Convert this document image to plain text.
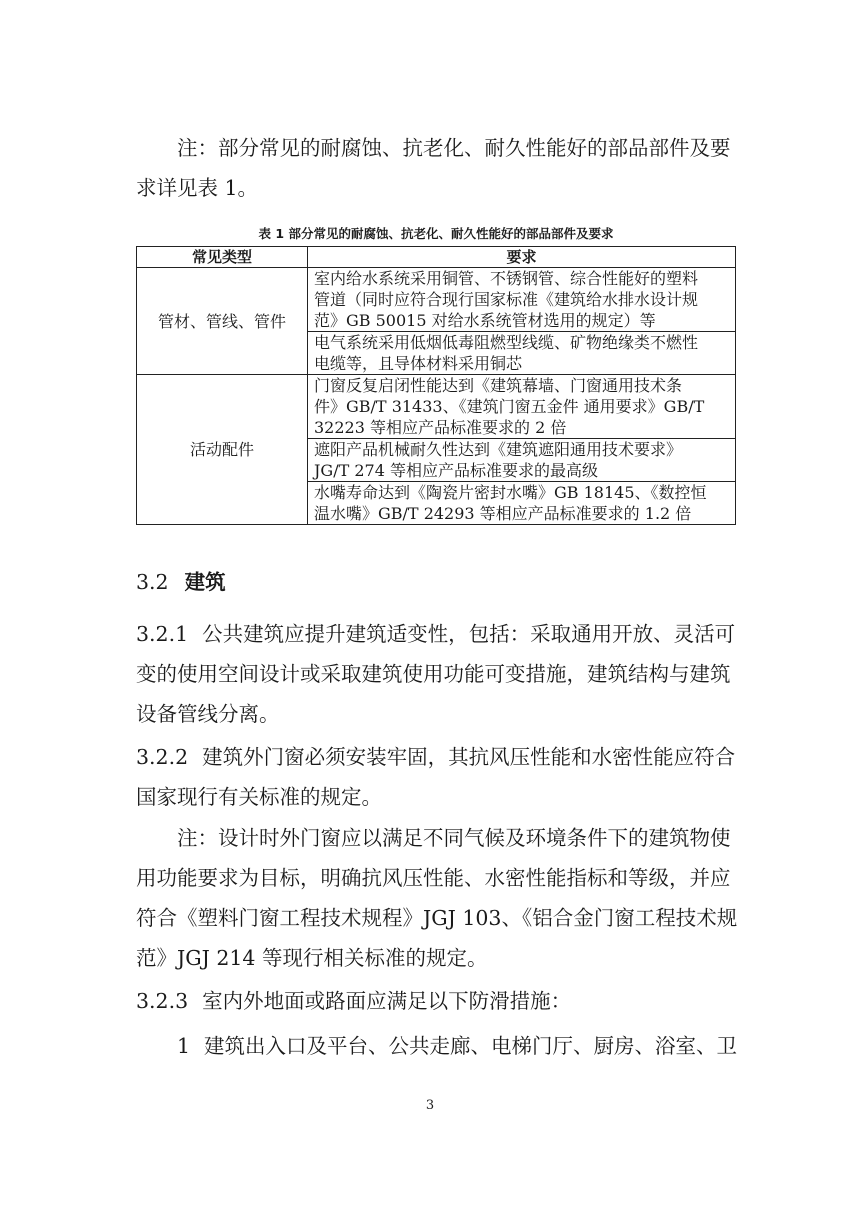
注：部分常见的耐腐蚀、抗老化、耐久性能好的部品部件及要
求详见表 1。

表 1 部分常见的耐腐蚀、抗老化、耐久性能好的部品部件及要求
常见类型	要求
管材、管线、管件	室内给水系统采用铜管、不锈钢管、综合性能好的塑料
管道（同时应符合现行国家标准《建筑给水排水设计规
范》GB 50015 对给水系统管材选用的规定）等

	电气系统采用低烟低毒阻燃型线缆、矿物绝缘类不燃性
电缆等，且导体材料采用铜芯

活动配件	门窗反复启闭性能达到《建筑幕墙、门窗通用技术条
件》GB/T 31433、《建筑门窗五金件 通用要求》GB/T
32223 等相应产品标准要求的 2 倍

	遮阳产品机械耐久性达到《建筑遮阳通用技术要求》
JG/T 274 等相应产品标准要求的最高级

	水嘴寿命达到《陶瓷片密封水嘴》GB 18145、《数控恒
温水嘴》GB/T 24293 等相应产品标准要求的 1.2 倍
3.2 建筑

3.2.1 公共建筑应提升建筑适变性，包括：采取通用开放、灵活可
变的使用空间设计或采取建筑使用功能可变措施，建筑结构与建筑
设备管线分离。

3.2.2 建筑外门窗必须安装牢固，其抗风压性能和水密性能应符合
国家现行有关标准的规定。

注：设计时外门窗应以满足不同气候及环境条件下的建筑物使
用功能要求为目标，明确抗风压性能、水密性能指标和等级，并应
符合《塑料门窗工程技术规程》JGJ 103、《铝合金门窗工程技术规
范》JGJ 214 等现行相关标准的规定。

3.2.3 室内外地面或路面应满足以下防滑措施：

1 建筑出入口及平台、公共走廊、电梯门厅、厨房、浴室、卫

3
